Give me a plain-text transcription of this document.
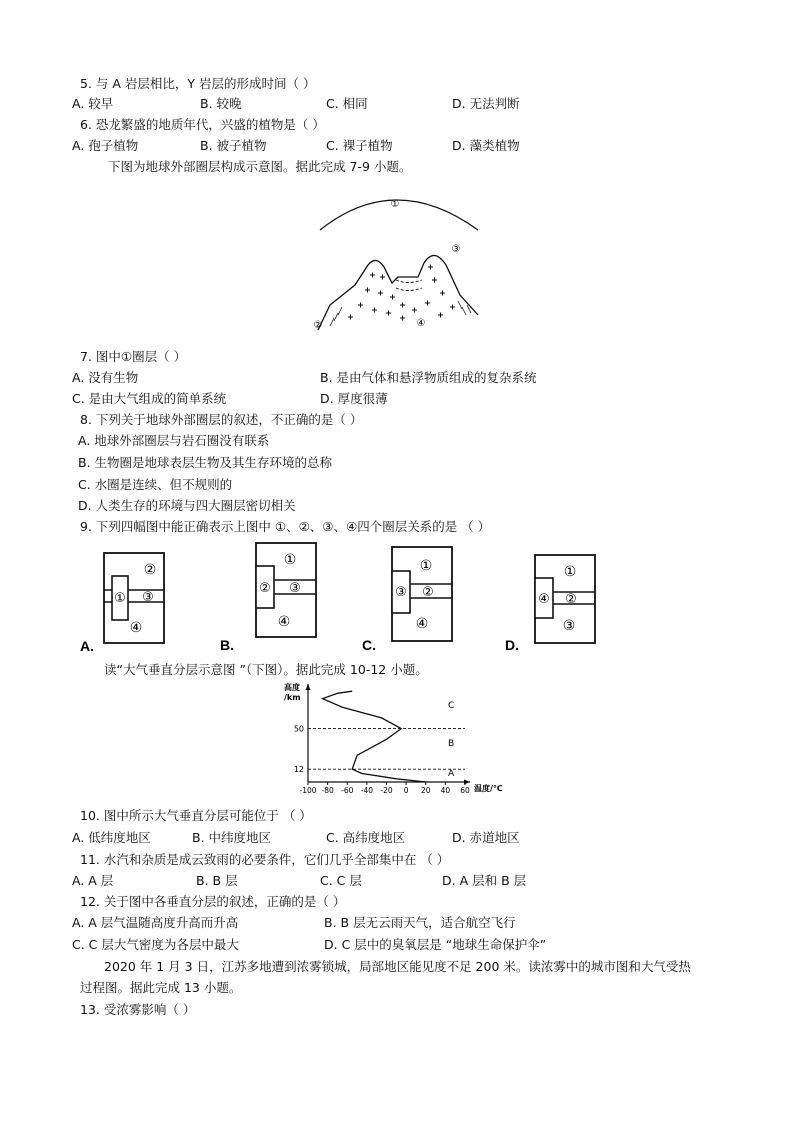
5. 与 A 岩层相比，Y 岩层的形成时间（ ）
A. 较早	B. 较晚	C. 相同	D. 无法判断
6. 恐龙繁盛的地质年代，兴盛的植物是（ ）
A. 孢子植物	B. 被子植物	C. 裸子植物	D. 藻类植物
下图为地球外部圈层构成示意图。据此完成 7-9 小题。
①
②
③
④
7. 图中①圈层（ ）
A. 没有生物	B. 是由气体和悬浮物质组成的复杂系统
C. 是由大气组成的简单系统	D. 厚度很薄
8. 下列关于地球外部圈层的叙述，不正确的是（ ）
A. 地球外部圈层与岩石圈没有联系
B. 生物圈是地球表层生物及其生存环境的总称
C. 水圈是连续、但不规则的
D. 人类生存的环境与四大圈层密切相关
9. 下列四幅图中能正确表示上图中 ①、②、③、④四个圈层关系的是 （ ）
②
① ③
④
A.
①
② ③
④
B.
①
③ ②
④
C.
①
④ ②
③
D.
读“大气垂直分层示意图 ”（下图）。据此完成 10-12 小题。
高度/km
温度/℃
50
12
C
B
A
-100 -80 -60 -40 -20 0 20 40 60
10. 图中所示大气垂直分层可能位于 （ ）
A. 低纬度地区	B. 中纬度地区	C. 高纬度地区	D. 赤道地区
11. 水汽和杂质是成云致雨的必要条件，它们几乎全部集中在 （ ）
A. A 层	B. B 层	C. C 层	D. A 层和 B 层
12. 关于图中各垂直分层的叙述，正确的是（ ）
A. A 层气温随高度升高而升高	B. B 层无云雨天气，适合航空飞行
C. C 层大气密度为各层中最大	D. C 层中的臭氧层是 “地球生命保护伞”
2020 年 1 月 3 日，江苏多地遭到浓雾锁城，局部地区能见度不足 200 米。读浓雾中的城市图和大气受热
过程图。据此完成 13 小题。
13. 受浓雾影响（ ）
